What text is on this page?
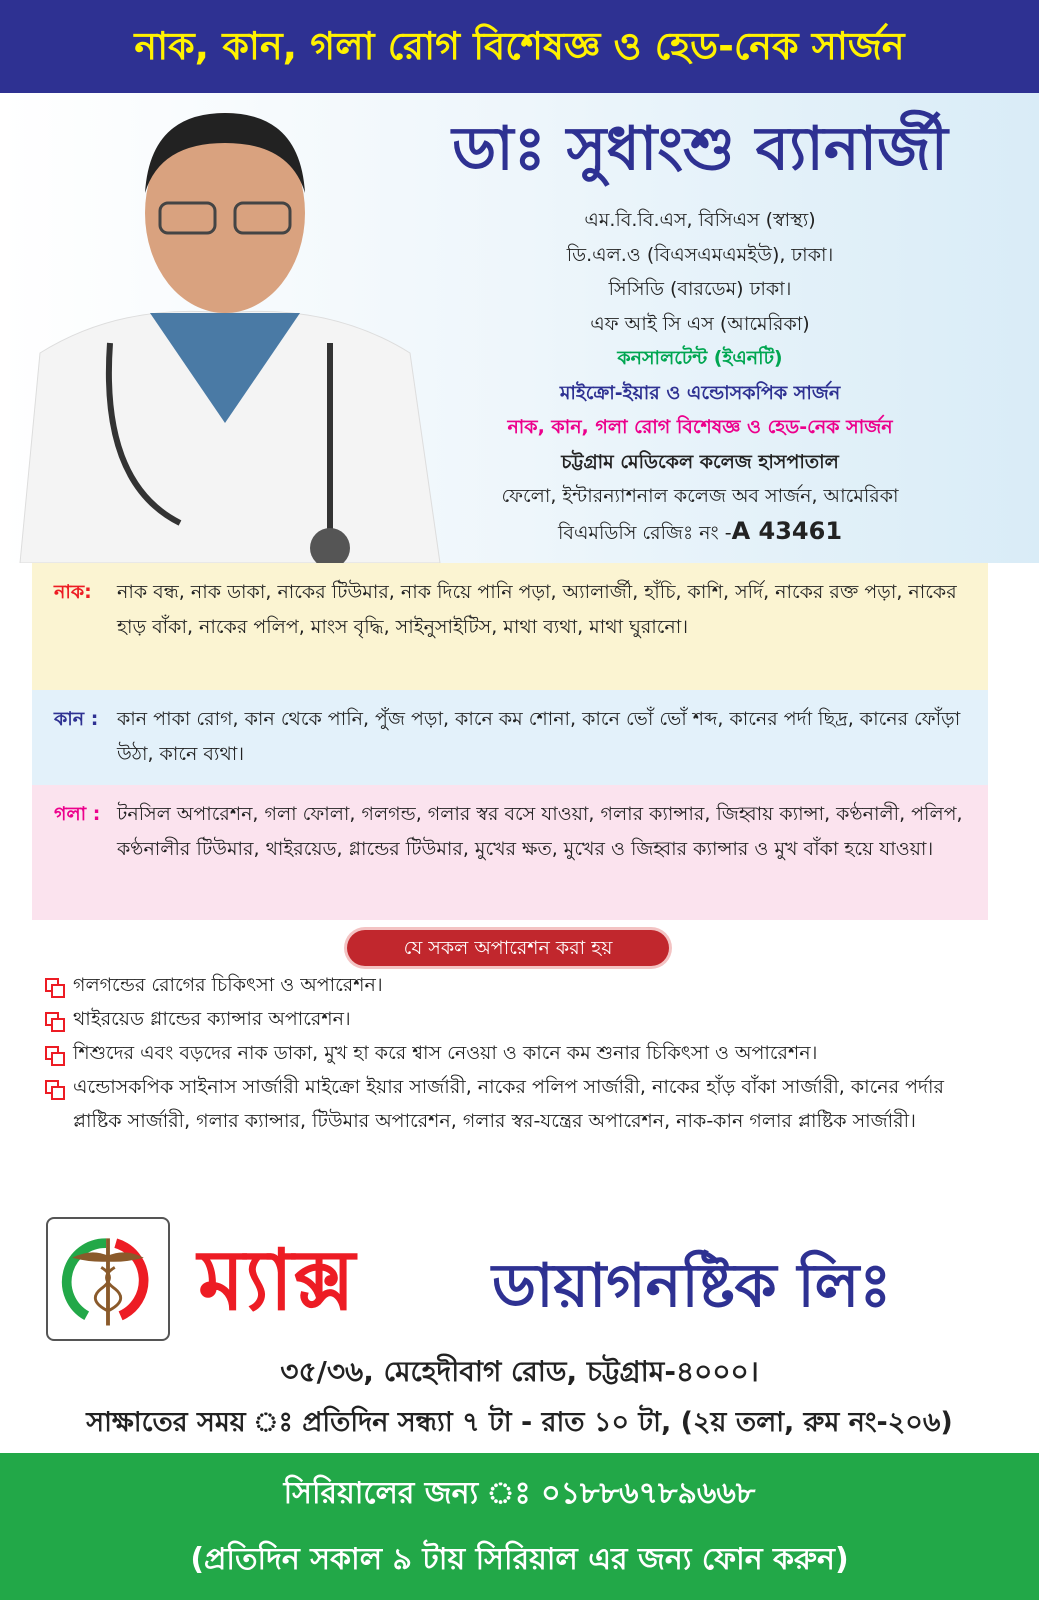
নাক, কান, গলা রোগ বিশেষজ্ঞ ও হেড-নেক সার্জন
ডাঃ সুধাংশু ব্যানার্জী
এম.বি.বি.এস, বিসিএস (স্বাস্থ্য)
ডি.এল.ও (বিএসএমএমইউ), ঢাকা।
সিসিডি (বারডেম) ঢাকা।
এফ আই সি এস (আমেরিকা)
কনসালটেন্ট (ইএনটি)
মাইক্রো-ইয়ার ও এন্ডোসকপিক সার্জন
নাক, কান, গলা রোগ বিশেষজ্ঞ ও হেড-নেক সার্জন
চট্টগ্রাম মেডিকেল কলেজ হাসপাতাল
ফেলো, ইন্টারন্যাশনাল কলেজ অব সার্জন, আমেরিকা
বিএমডিসি রেজিঃ নং -A 43461
নাক: নাক বন্ধ, নাক ডাকা, নাকের টিউমার, নাক দিয়ে পানি পড়া, অ্যালার্জী, হাঁচি, কাশি, সর্দি, নাকের রক্ত পড়া, নাকের হাড় বাঁকা, নাকের পলিপ, মাংস বৃদ্ধি, সাইনুসাইটিস, মাথা ব্যথা, মাথা ঘুরানো।
কান : কান পাকা রোগ, কান থেকে পানি, পুঁজ পড়া, কানে কম শোনা, কানে ভোঁ ভোঁ শব্দ, কানের পর্দা ছিদ্র, কানের ফোঁড়া উঠা, কানে ব্যথা।
গলা : টনসিল অপারেশন, গলা ফোলা, গলগন্ড, গলার স্বর বসে যাওয়া, গলার ক্যান্সার, জিহ্বায় ক্যান্সা, কণ্ঠনালী, পলিপ, কণ্ঠনালীর টিউমার, থাইরয়েড, গ্লান্ডের টিউমার, মুখের ক্ষত, মুখের ও জিহ্বার ক্যান্সার ও মুখ বাঁকা হয়ে যাওয়া।
যে সকল অপারেশন করা হয়
গলগন্ডের রোগের চিকিৎসা ও অপারেশন।
থাইরয়েড গ্লান্ডের ক্যান্সার অপারেশন।
শিশুদের এবং বড়দের নাক ডাকা, মুখ হা করে শ্বাস নেওয়া ও কানে কম শুনার চিকিৎসা ও অপারেশন।
এন্ডোসকপিক সাইনাস সার্জারী মাইক্রো ইয়ার সার্জারী, নাকের পলিপ সার্জারী, নাকের হাঁড় বাঁকা সার্জারী, কানের পর্দার প্লাষ্টিক সার্জারী, গলার ক্যান্সার, টিউমার অপারেশন, গলার স্বর-যন্ত্রের অপারেশন, নাক-কান গলার প্লাষ্টিক সার্জারী।
ম্যাক্স ডায়াগনষ্টিক লিঃ
৩৫/৩৬, মেহেদীবাগ রোড, চট্টগ্রাম-৪০০০।
সাক্ষাতের সময় ঃ প্রতিদিন সন্ধ্যা ৭ টা - রাত ১০ টা, (২য় তলা, রুম নং-২০৬)
সিরিয়ালের জন্য ঃ ০১৮৮৬৭৮৯৬৬৮
(প্রতিদিন সকাল ৯ টায় সিরিয়াল এর জন্য ফোন করুন)
